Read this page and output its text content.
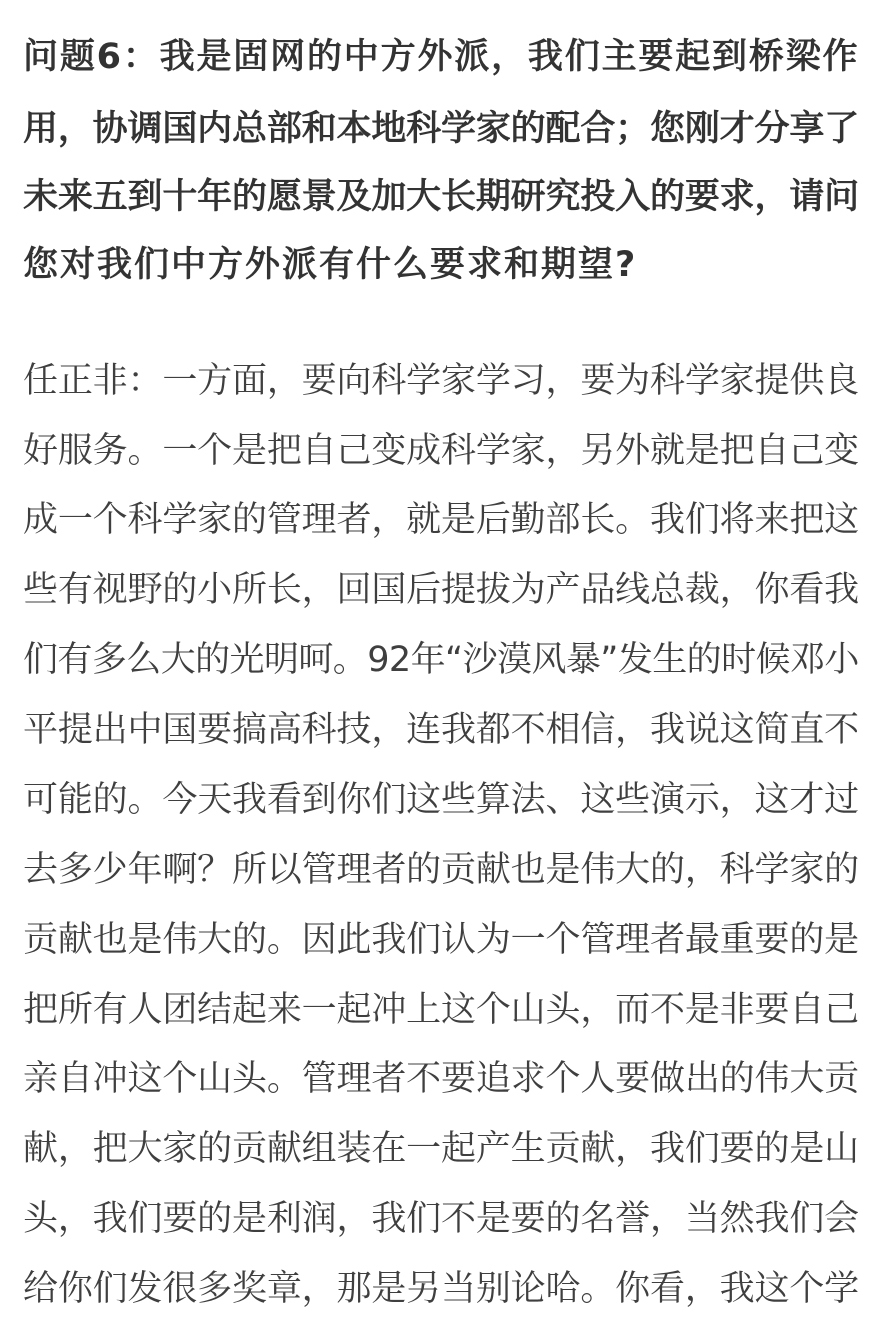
问题6：我是固网的中方外派，我们主要起到桥梁作
用，协调国内总部和本地科学家的配合；您刚才分享了
未来五到十年的愿景及加大长期研究投入的要求，请问
您对我们中方外派有什么要求和期望?
任正非：一方面，要向科学家学习，要为科学家提供良
好服务。一个是把自己变成科学家，另外就是把自己变
成一个科学家的管理者，就是后勤部长。我们将来把这
些有视野的小所长，回国后提拔为产品线总裁，你看我
们有多么大的光明呵。92年“沙漠风暴”发生的时候邓小
平提出中国要搞高科技，连我都不相信，我说这简直不
可能的。今天我看到你们这些算法、这些演示，这才过
去多少年啊？所以管理者的贡献也是伟大的，科学家的
贡献也是伟大的。因此我们认为一个管理者最重要的是
把所有人团结起来一起冲上这个山头，而不是非要自己
亲自冲这个山头。管理者不要追求个人要做出的伟大贡
献，把大家的贡献组装在一起产生贡献，我们要的是山
头，我们要的是利润，我们不是要的名誉，当然我们会
给你们发很多奖章，那是另当别论哈。你看，我这个学
